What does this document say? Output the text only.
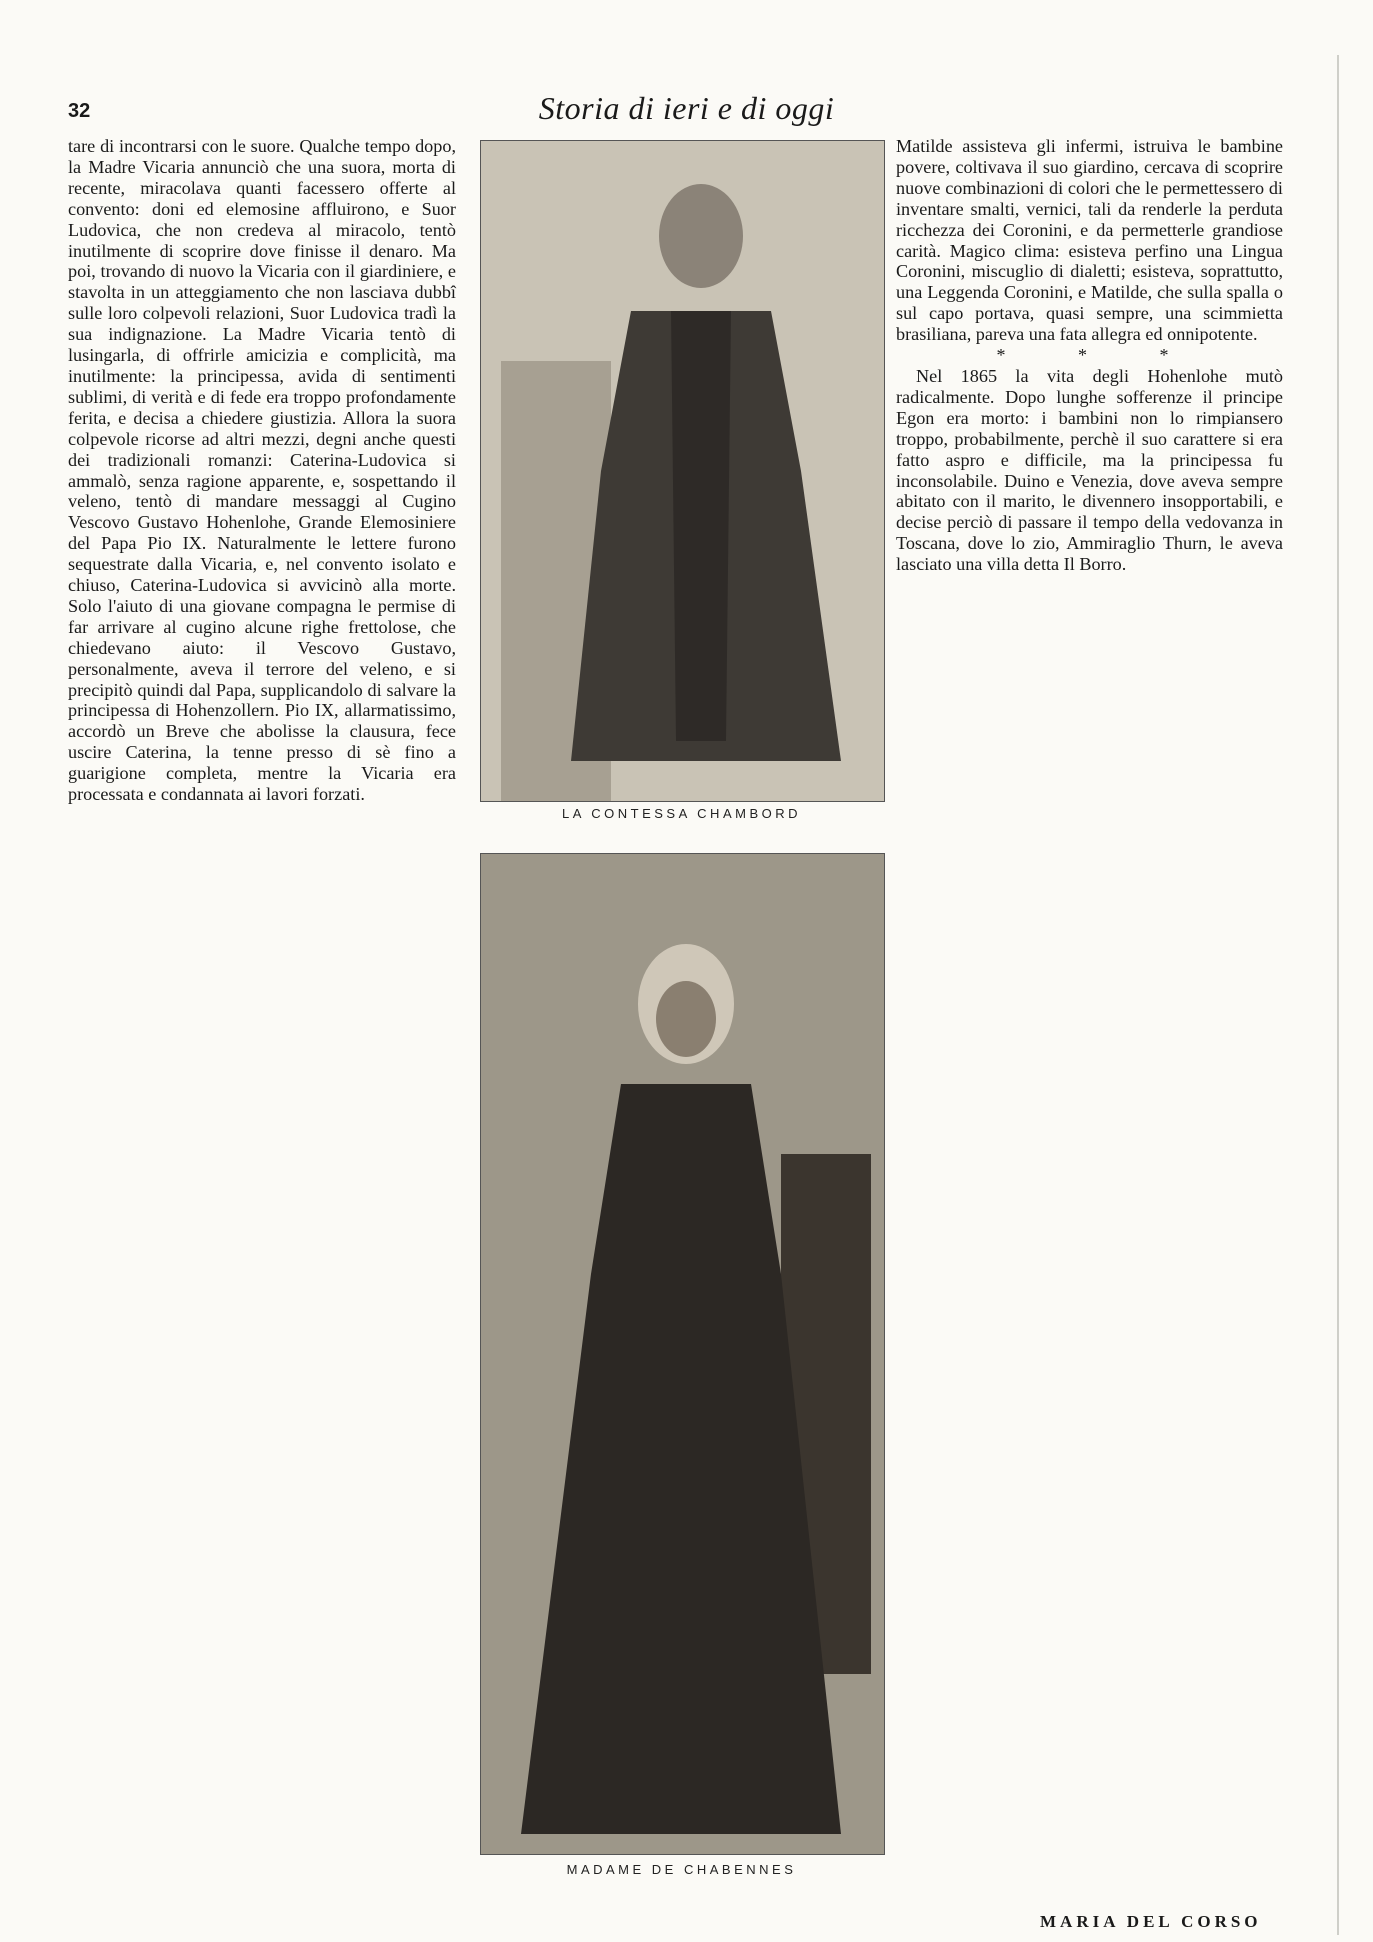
32	Storia di ieri e di oggi

tare di incontrarsi con le suore. Qualche tempo dopo, la Madre Vicaria annunciò che una suora, morta di recente, miracolava quanti facessero offerte al convento: doni ed elemosine affluirono, e Suor Ludovica, che non credeva al miracolo, tentò inutilmente di scoprire dove finisse il denaro. Ma poi, trovando di nuovo la Vicaria con il giardiniere, e stavolta in un atteggiamento che non lasciava dubbî sulle loro colpevoli relazioni, Suor Ludovica tradì la sua indignazione. La Madre Vicaria tentò di lusingarla, di offrirle amicizia e complicità, ma inutilmente: la principessa, avida di sentimenti sublimi, di verità e di fede era troppo profondamente ferita, e decisa a chiedere giustizia. Allora la suora colpevole ricorse ad altri mezzi, degni anche questi dei tradizionali romanzi: Caterina-Ludovica si ammalò, senza ragione apparente, e, sospettando il veleno, tentò di mandare messaggi al Cugino Vescovo Gustavo Hohenlohe, Grande Elemosiniere del Papa Pio IX. Naturalmente le lettere furono sequestrate dalla Vicaria, e, nel convento isolato e chiuso, Caterina-Ludovica si avvicinò alla morte. Solo l'aiuto di una giovane compagna le permise di far arrivare al cugino alcune righe frettolose, che chiedevano aiuto: il Vescovo Gustavo, personalmente, aveva il terrore del veleno, e si precipitò quindi dal Papa, supplicandolo di salvare la principessa di Hohenzollern. Pio IX, allarmatissimo, accordò un Breve che abolisse la clausura, fece uscire Caterina, la tenne presso di sè fino a guarigione completa, mentre la Vicaria era processata e condannata ai lavori forzati.

LA CONTESSA CHAMBORD
MADAME DE CHABENNES

Matilde assisteva gli infermi, istruiva le bambine povere, coltivava il suo giardino, cercava di scoprire nuove combinazioni di colori che le permettessero di inventare smalti, vernici, tali da renderle la perduta ricchezza dei Coronini, e da permetterle grandiose carità. Magico clima: esisteva perfino una Lingua Coronini, miscuglio di dialetti; esisteva, soprattutto, una Leggenda Coronini, e Matilde, che sulla spalla o sul capo portava, quasi sempre, una scimmietta brasiliana, pareva una fata allegra ed onnipotente.

* * *

Nel 1865 la vita degli Hohenlohe mutò radicalmente. Dopo lunghe sofferenze il principe Egon era morto: i bambini non lo rimpiansero troppo, probabilmente, perchè il suo carattere si era fatto aspro e difficile, ma la principessa fu inconsolabile. Duino e Venezia, dove aveva sempre abitato con il marito, le divennero insopportabili, e decise perciò di passare il tempo della vedovanza in Toscana, dove lo zio, Ammiraglio Thurn, le aveva lasciato una villa detta Il Borro.

MARIA DEL CORSO
